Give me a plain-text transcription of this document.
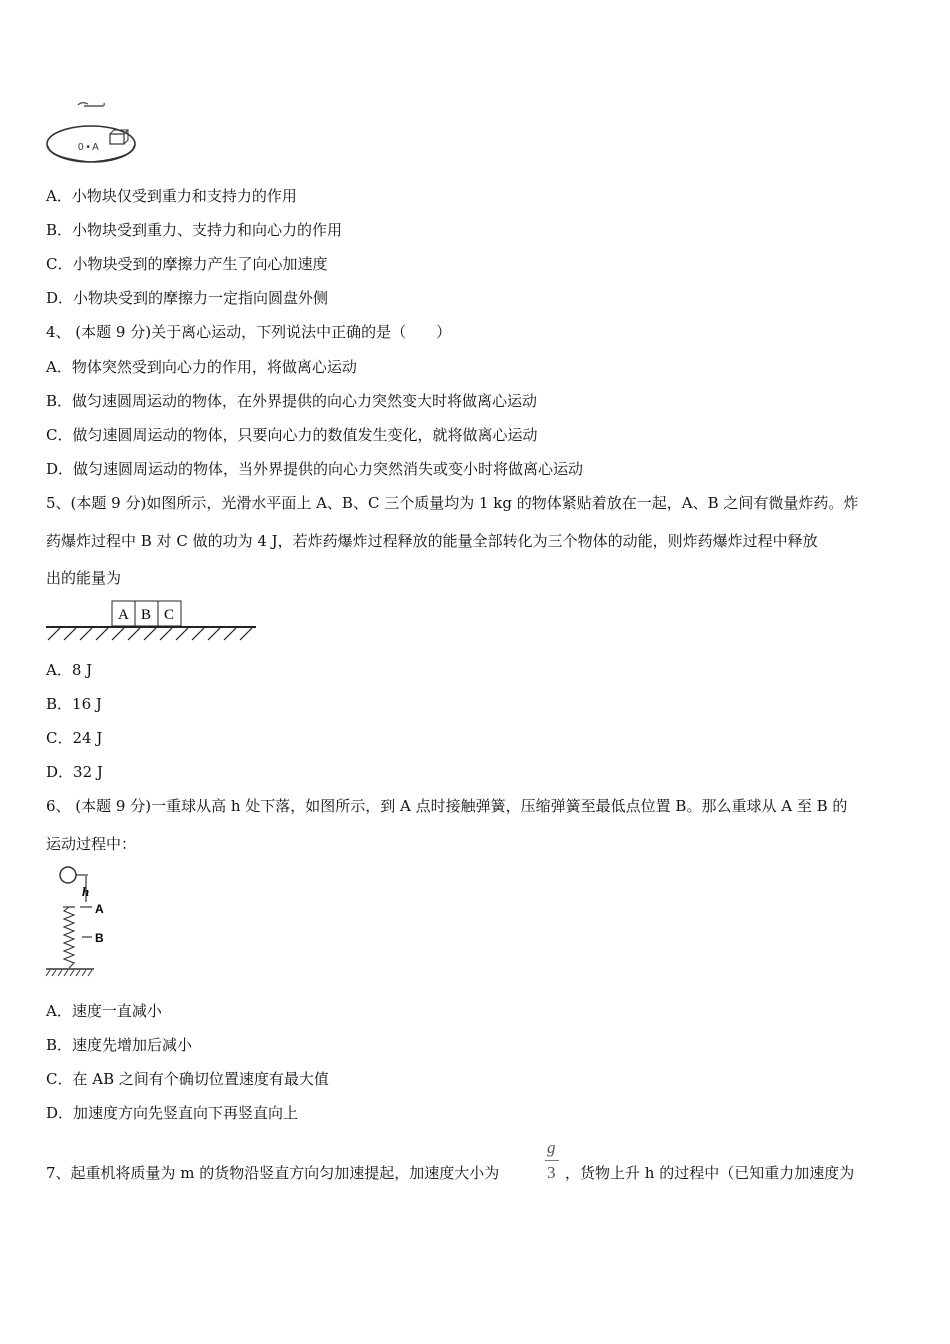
0 • A
A．小物块仅受到重力和支持力的作用
B．小物块受到重力、支持力和向心力的作用
C．小物块受到的摩擦力产生了向心加速度
D．小物块受到的摩擦力一定指向圆盘外侧
4、 (本题 9 分)关于离心运动，下列说法中正确的是（　　）
A．物体突然受到向心力的作用，将做离心运动
B．做匀速圆周运动的物体，在外界提供的向心力突然变大时将做离心运动
C．做匀速圆周运动的物体，只要向心力的数值发生变化，就将做离心运动
D．做匀速圆周运动的物体，当外界提供的向心力突然消失或变小时将做离心运动
5、(本题 9 分)如图所示，光滑水平面上 A、B、C 三个质量均为 1 kg 的物体紧贴着放在一起，A、B 之间有微量炸药。炸
药爆炸过程中 B 对 C 做的功为 4 J，若炸药爆炸过程释放的能量全部转化为三个物体的动能，则炸药爆炸过程中释放
出的能量为
A B C
A．8 J
B．16 J
C．24 J
D．32 J
6、 (本题 9 分)一重球从高 h 处下落，如图所示，到 A 点时接触弹簧，压缩弹簧至最低点位置 B。那么重球从 A 至 B 的
运动过程中：
h
A
B
A．速度一直减小
B．速度先增加后减小
C．在 AB 之间有个确切位置速度有最大值
D．加速度方向先竖直向下再竖直向上
7、起重机将质量为 m 的货物沿竖直方向匀加速提起，加速度大小为
g
3 ，货物上升 h 的过程中（已知重力加速度为
